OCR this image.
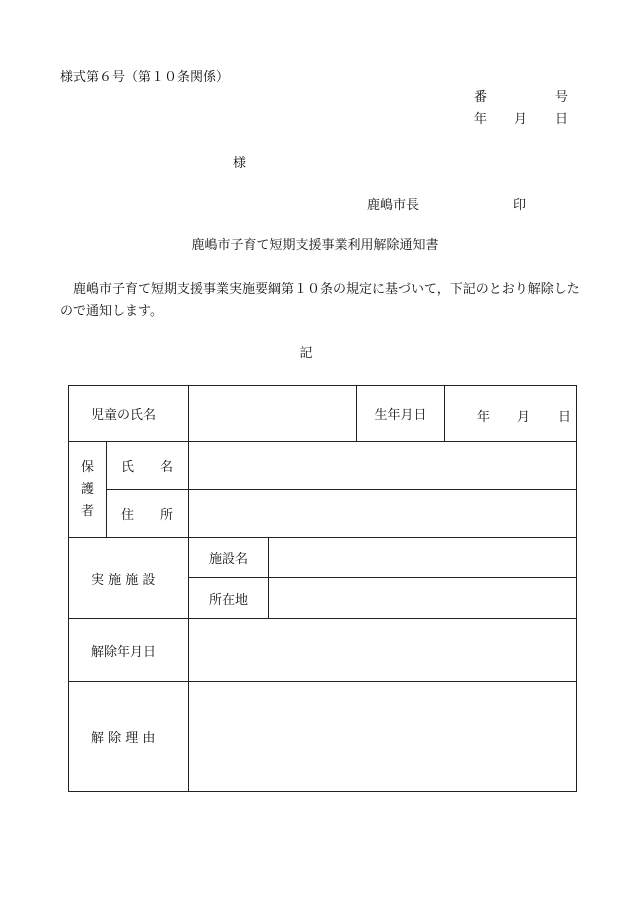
様式第６号（第１０条関係）
番	号
年 月 日
様
鹿嶋市長	印
鹿嶋市子育て短期支援事業利用解除通知書
鹿嶋市子育て短期支援事業実施要綱第１０条の規定に基づいて，下記のとおり解除したので通知します。
記
児童の氏名				生年月日	年 月 日

保
護
者	氏　　名				
	住　　所				
実 施 施 設		施設名			
		所在地			
解除年月日					
解 除 理 由					
